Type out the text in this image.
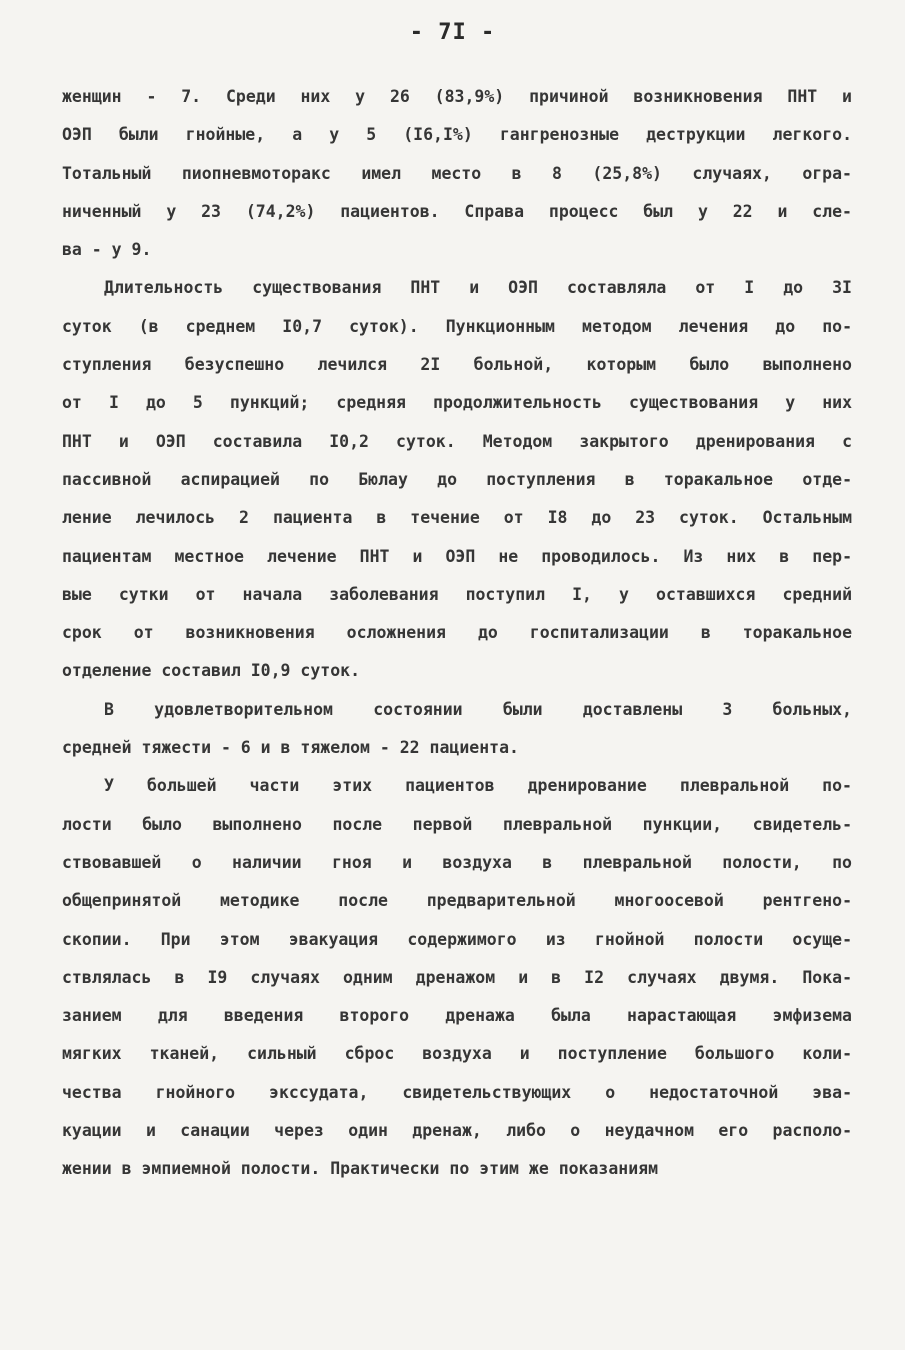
- 7I -
женщин - 7. Среди них у 26 (83,9%) причиной возникновения ПНТ и
ОЭП были гнойные, а у 5 (I6,I%) гангренозные деструкции легкого.
Тотальный пиопневмоторакс имел место в 8 (25,8%) случаях, огра-
ниченный у 23 (74,2%) пациентов. Справа процесс был у 22 и сле-
ва - у 9.
Длительность существования ПНТ и ОЭП составляла от I до 3I
суток (в среднем I0,7 суток). Пункционным методом лечения до по-
ступления безуспешно лечился 2I больной, которым было выполнено
от I до 5 пункций; средняя продолжительность существования у них
ПНТ и ОЭП составила I0,2 суток. Методом закрытого дренирования с
пассивной аспирацией по Бюлау до поступления в торакальное отде-
ление лечилось 2 пациента в течение от I8 до 23 суток. Остальным
пациентам местное лечение ПНТ и ОЭП не проводилось. Из них в пер-
вые сутки от начала заболевания поступил I, у оставшихся средний
срок от возникновения осложнения до госпитализации в торакальное
отделение составил I0,9 суток.
В удовлетворительном состоянии были доставлены 3 больных,
средней тяжести - 6 и в тяжелом - 22 пациента.
У большей части этих пациентов дренирование плевральной по-
лости было выполнено после первой плевральной пункции, свидетель-
ствовавшей о наличии гноя и воздуха в плевральной полости, по
общепринятой методике после предварительной многоосевой рентгено-
скопии. При этом эвакуация содержимого из гнойной полости осуще-
ствлялась в I9 случаях одним дренажом и в I2 случаях двумя. Пока-
занием для введения второго дренажа была нарастающая эмфизема
мягких тканей, сильный сброс воздуха и поступление большого коли-
чества гнойного экссудата, свидетельствующих о недостаточной эва-
куации и санации через один дренаж, либо о неудачном его располо-
жении в эмпиемной полости. Практически по этим же показаниям
